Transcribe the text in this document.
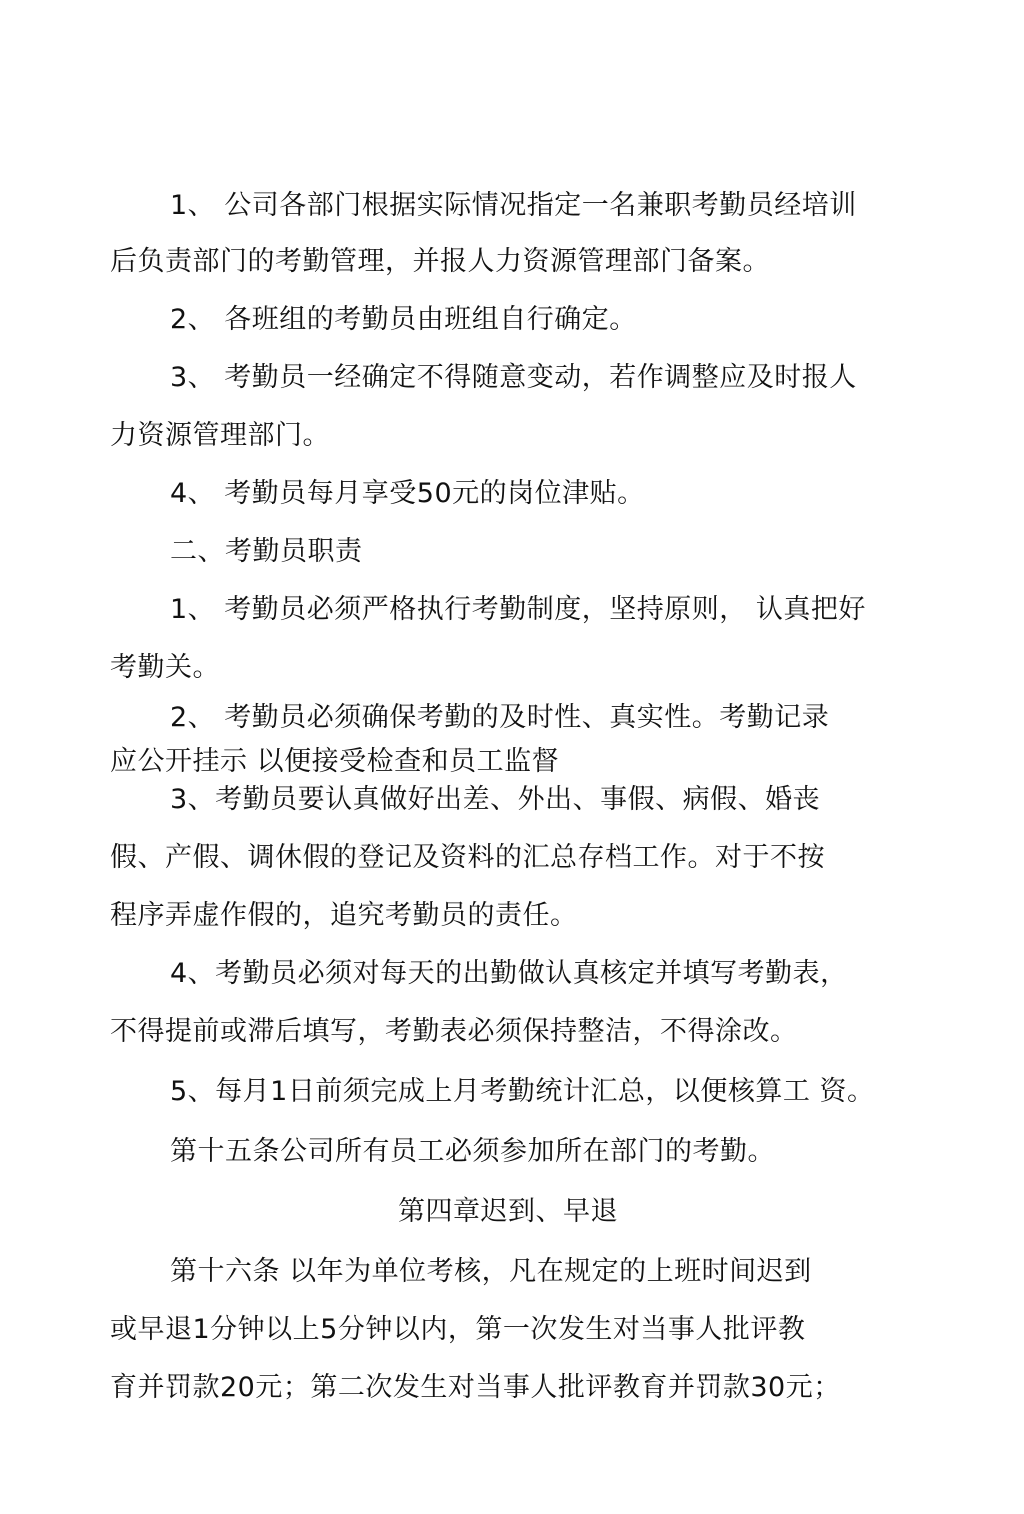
1、 公司各部门根据实际情况指定一名兼职考勤员经培训
后负责部门的考勤管理，并报人力资源管理部门备案。
2、 各班组的考勤员由班组自行确定。
3、 考勤员一经确定不得随意变动，若作调整应及时报人
力资源管理部门。
4、 考勤员每月享受50元的岗位津贴。
二、考勤员职责
1、 考勤员必须严格执行考勤制度，坚持原则， 认真把好
考勤关。
2、 考勤员必须确保考勤的及时性、真实性。考勤记录
应公开挂示 以便接受检查和员工监督
3、考勤员要认真做好出差、外出、事假、病假、婚丧
假、产假、调休假的登记及资料的汇总存档工作。对于不按
程序弄虚作假的，追究考勤员的责任。
4、考勤员必须对每天的出勤做认真核定并填写考勤表，
不得提前或滞后填写，考勤表必须保持整洁，不得涂改。
5、每月1日前须完成上月考勤统计汇总，以便核算工 资。
第十五条公司所有员工必须参加所在部门的考勤。
第四章迟到、早退
第十六条 以年为单位考核，凡在规定的上班时间迟到
或早退1分钟以上5分钟以内，第一次发生对当事人批评教
育并罚款20元；第二次发生对当事人批评教育并罚款30元；
